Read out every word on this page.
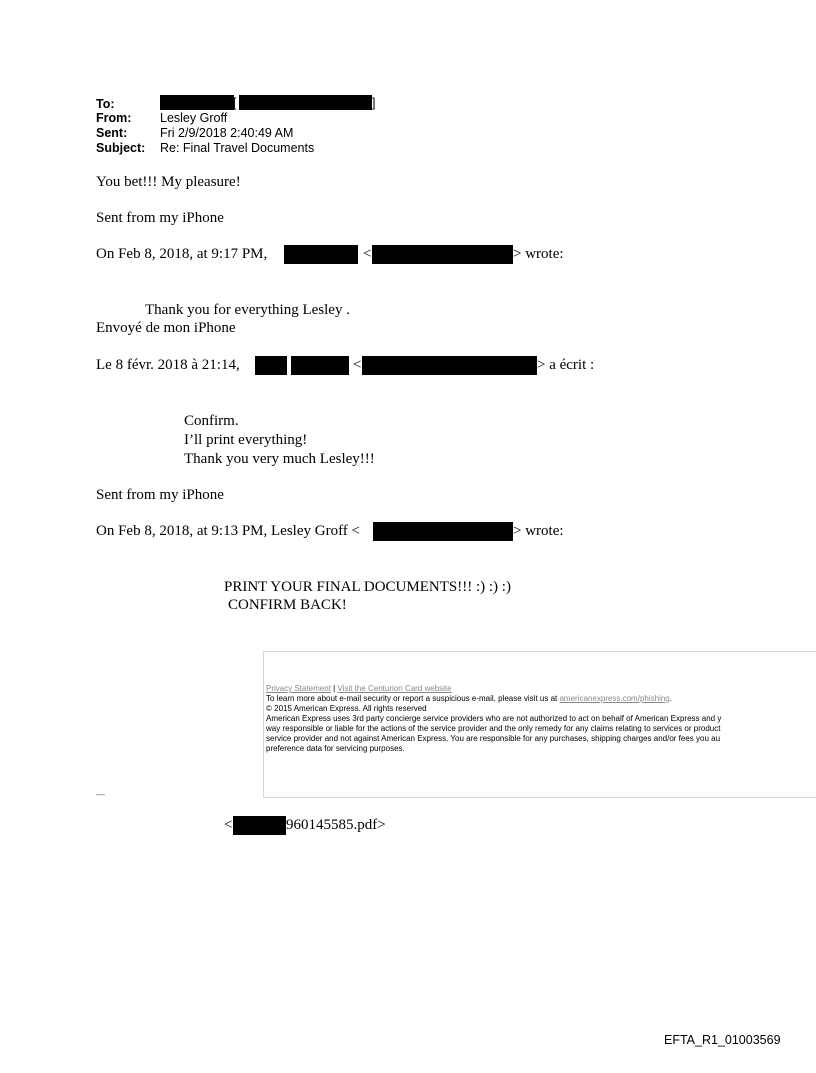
To:	[	]
From: Lesley Groff
Sent:	Fri 2/9/2018 2:40:49 AM
Subject: Re: Final Travel Documents
You bet!!! My pleasure!
Sent from my iPhone
On Feb 8, 2018, at 9:17 PM,	<	> wrote:
Thank you for everything Lesley .
Envoyé de mon iPhone
Le 8 févr. 2018 à 21:14,	<	> a écrit :
Confirm.
I’ll print everything!
Thank you very much Lesley!!!
Sent from my iPhone
On Feb 8, 2018, at 9:13 PM, Lesley Groff <	> wrote:
PRINT YOUR FINAL DOCUMENTS!!! :) :) :)
CONFIRM BACK!
Privacy Statement | Visit the Centurion Card website
To learn more about e-mail security or report a suspicious e-mail, please visit us at americanexpress.com/phishing.
© 2015 American Express. All rights reserved
American Express uses 3rd party concierge service providers who are not authorized to act on behalf of American Express and y
way responsible or liable for the actions of the service provider and the only remedy for any claims relating to services or product
service provider and not against American Express. You are responsible for any purchases, shipping charges and/or fees you au
preference data for servicing purposes.
—
<	960145585.pdf>
EFTA_R1_01003569
